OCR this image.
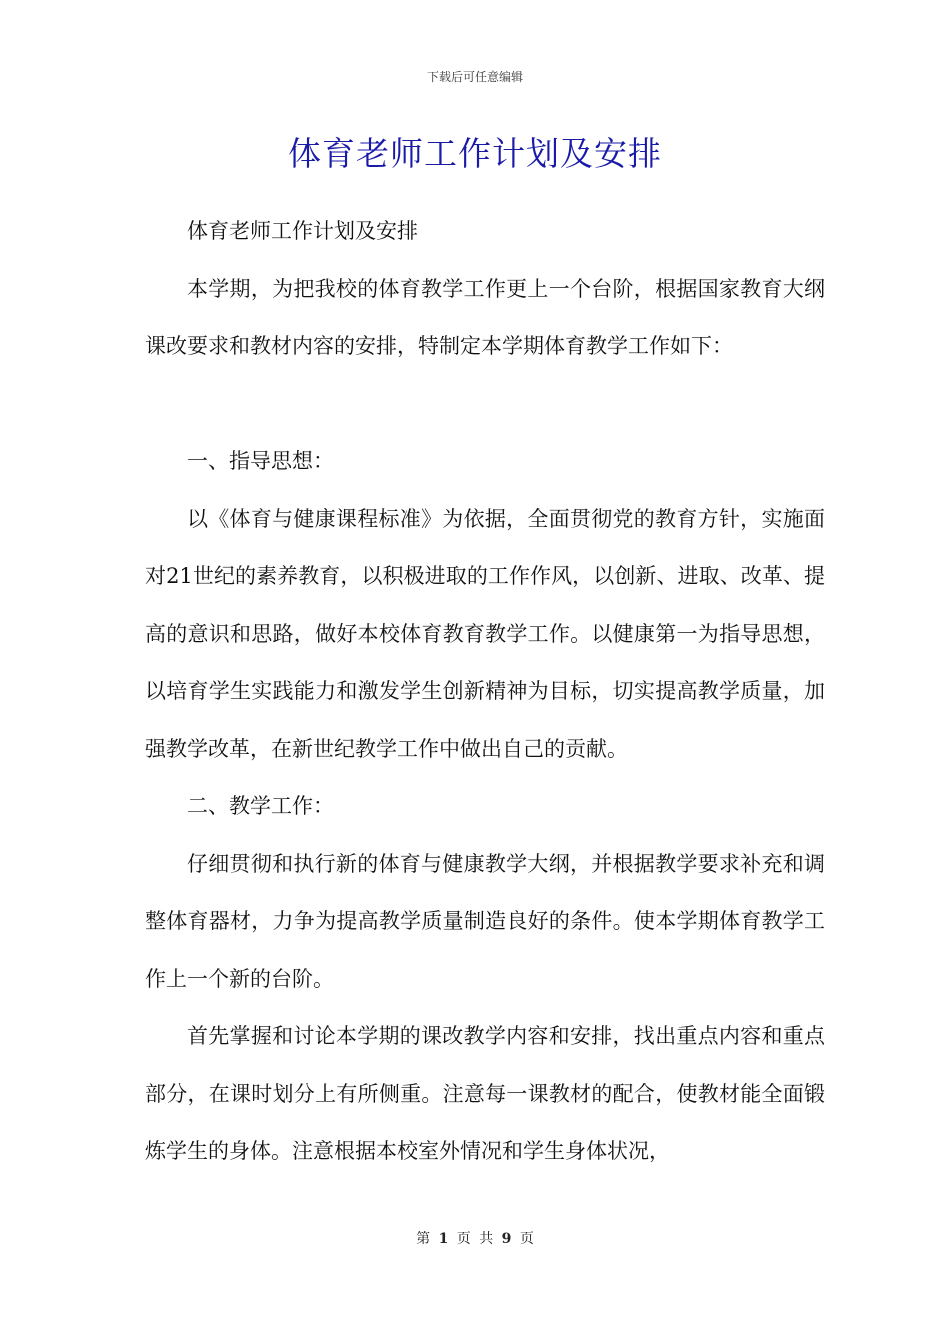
下载后可任意编辑
体育老师工作计划及安排

体育老师工作计划及安排

本学期，为把我校的体育教学工作更上一个台阶，根据国家教育大纲课改要求和教材内容的安排，特制定本学期体育教学工作如下：

一、指导思想：

以《体育与健康课程标准》为依据，全面贯彻党的教育方针，实施面对21世纪的素养教育，以积极进取的工作作风，以创新、进取、改革、提高的意识和思路，做好本校体育教育教学工作。以健康第一为指导思想，以培育学生实践能力和激发学生创新精神为目标，切实提高教学质量，加强教学改革，在新世纪教学工作中做出自己的贡献。

二、教学工作：

仔细贯彻和执行新的体育与健康教学大纲，并根据教学要求补充和调整体育器材，力争为提高教学质量制造良好的条件。使本学期体育教学工作上一个新的台阶。

首先掌握和讨论本学期的课改教学内容和安排，找出重点内容和重点部分，在课时划分上有所侧重。注意每一课教材的配合，使教材能全面锻炼学生的身体。注意根据本校室外情况和学生身体状况，

第 1 页 共 9 页
